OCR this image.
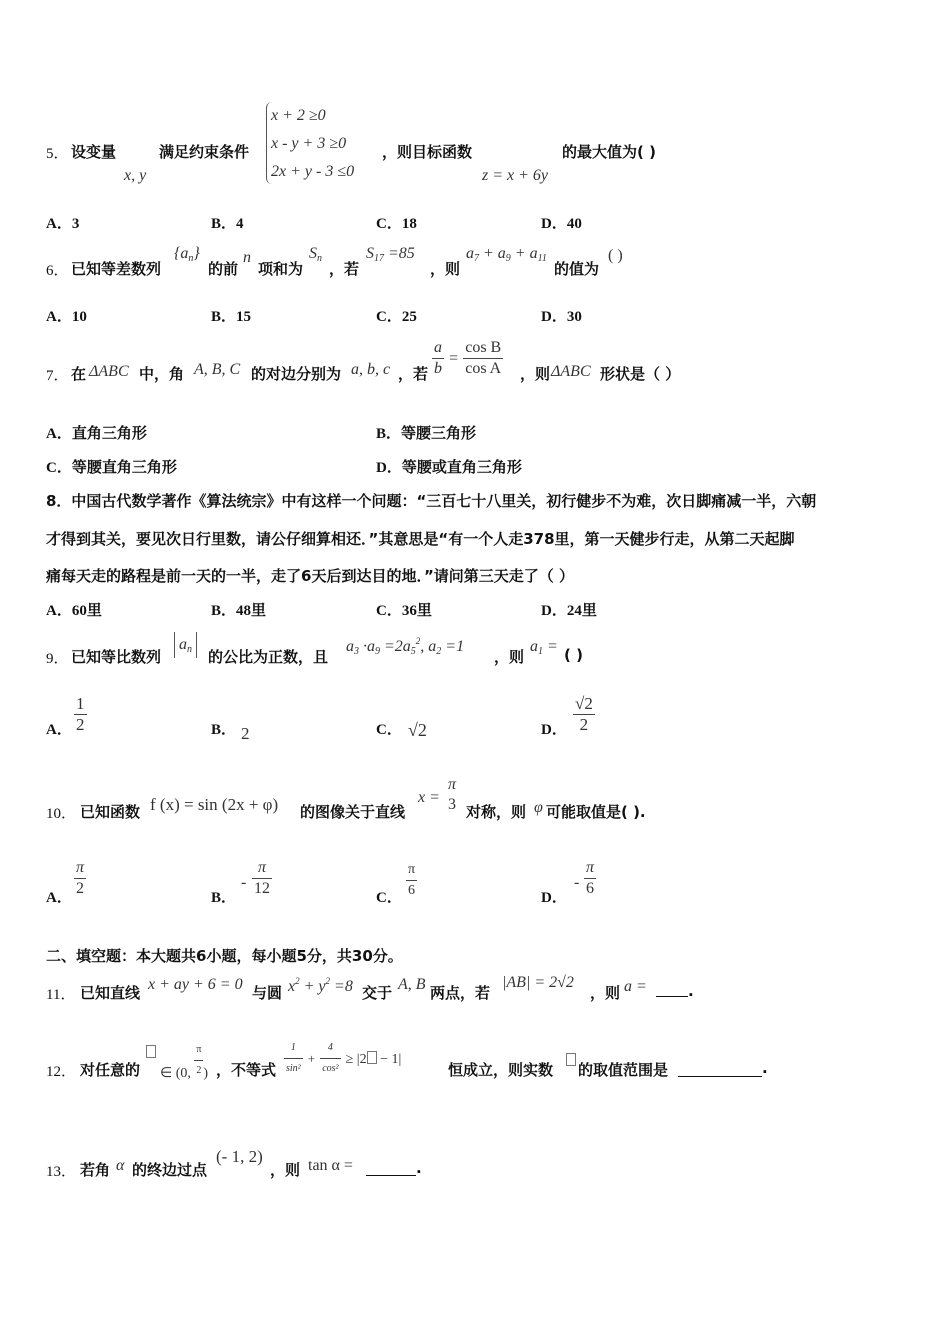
5． 设变量
x, y
满足约束条件
x + 2 ≥0
x - y + 3 ≥0
2x + y - 3 ≤0
，则目标函数
z = x + 6y
的最大值为( )
A．3	B．4	C．18	D．40
6． 已知等差数列
$\{a_n\}$
的前
n
项和为
$S_n$
，若
$S_{17} =85$
，则
$a_7 + a_9 + a_{11}$
的值为
( )
A．10	B．15	C．25	D．30
7． 在 ΔABC 中，角 A, B, C 的对边分别为 a, b, c ，若 $\frac{a}{b} = \frac{\text{cos B}}{\text{cos A}}$ ，则 ΔABC 形状是（ ）
A．直角三角形	B．等腰三角形
C．等腰直角三角形	D．等腰或直角三角形
8．中国古代数学著作《算法统宗》中有这样一个问题：“三百七十八里关，初行健步不为难，次日脚痛减一半，六朝
才得到其关，要见次日行里数，请公仔细算相还．”其意思是“有一个人走378里，第一天健步行走，从第二天起脚
痛每天走的路程是前一天的一半，走了6天后到达目的地．”请问第三天走了（ ）
A．60里	B．48里	C．36里	D．24里
9． 已知等比数列
$a_n$	的公比为正数，且
$a_3 \cdot a_9 =2a_5^2$, $a_2 =1$
，则
$a_1$ = ( )
A． $\frac{1}{2}$	B． 2	C． √2	D． $\frac{√2}{2}$
10． 已知函数 f (x) = sin (2x + φ) 的图像关于直线
x =
π
3 对称，则 φ 可能取值是( ).
A． $\frac{\pi}{2}$	B．
- $\frac{\pi}{12}$	C． $\frac{\pi}{6}$	D．
- $\frac{\pi}{6}$
二、填空题：本大题共6小题，每小题5分，共30分。
11． 已知直线 x + ay + 6 = 0 与圆 $x^2 + y^2 =8$ 交于 A, B 两点，若
|AB| = 2√2
，则 a =	.
12． 对任意的 ∈ (0, $\frac{\pi}{2}$ ) ，不等式 $\frac{1}{\text{sin²}} + \frac{4}{\text{cos²}} \ge |2 - 1|$
恒成立，则实数 的取值范围是	.
13． 若角 α 的终边过点
(- 1, 2)
，则 tan α =	.
